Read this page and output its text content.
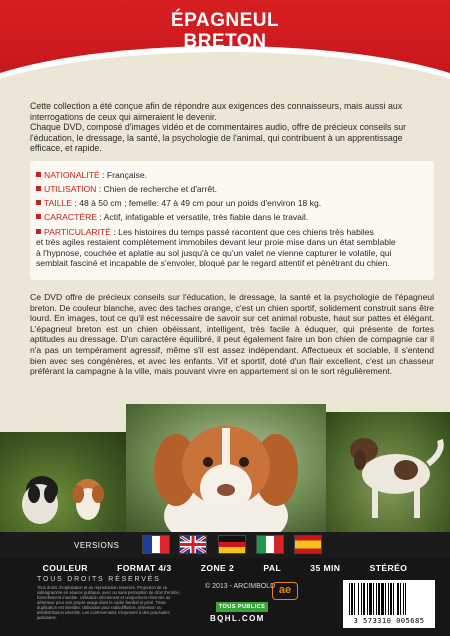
ÉPAGNEUL
BRETON

Cette collection a été conçue afin de répondre aux exigences des connaisseurs, mais aussi aux interrogations de ceux qui aimeraient le devenir.

Chaque DVD, composé d'images vidéo et de commentaires audio, offre de précieux conseils sur l'éducation, le dressage, la santé, la psychologie de l'animal, qui contribuent à un apprentissage efficace, et rapide.

NATIONALITÉ : Française.
UTILISATION : Chien de recherche et d'arrêt.
TAILLE : 48 à 50 cm ; femelle: 47 à 49 cm pour un poids d'environ 18 kg.
CARACTÈRE : Actif, infatigable et versatile, très fiable dans le travail.
PARTICULARITÉ : Les histoires du temps passé racontent que ces chiens très habiles
et très agiles restaient complètement immobiles devant leur proie mise dans un état semblable
à l'hypnose, couchée et aplatie au sol jusqu'à ce qu'un valet ne vienne capturer le volatile, qui
semblait fasciné et incapable de s'envoler, bloqué par le regard attentif et pénétrant du chien.
Ce DVD offre de précieux conseils sur l'éducation, le dressage, la santé et la psychologie de l'épagneul breton. De couleur blanche, avec des taches orange, c'est un chien sportif, solidement construit sans être lourd. En images, tout ce qu'il est nécessaire de savoir sur cet animal robuste, haut sur pattes et élégant. L'épagneul breton est un chien obéissant, intelligent, très facile à éduquer, qui présente de fortes aptitudes au dressage. D'un caractère équilibré, il peut également faire un bon chien de compagnie car il n'a pas un tempérament agressif, même s'il est assez indépendant. Affectueux et sociable, il s'entend bien avec ses congénères, et avec les enfants. Vif et sportif, doté d'un flair excellent, c'est un chasseur préférant la campagne à la ville, mais pouvant vivre en appartement si on le sort régulièrement.
VERSIONS
COULEUR	FORMAT 4/3	ZONE 2	PAL	35 MIN	STÉRÉO
TOUS DROITS RÉSERVÉS
Tous droits d'exploitation et de reproduction réservés. Projection de ce vidéogramme en séance publique, avec ou sans perception de droit d'entrée, formellement interdite. Utilisation strictement et uniquement réservée au détenteur pour son propre usage dans le cadre familial et privé. Toute duplication est interdite. Utilisation pour radiodiffusion, télévision ou télédistribution interdite. Les contrevenants s'exposent à des poursuites judiciaires.
© 2013 - ARCIMBOLD ae
TOUS PUBLICS
BQHL.COM	3 573310 005685
